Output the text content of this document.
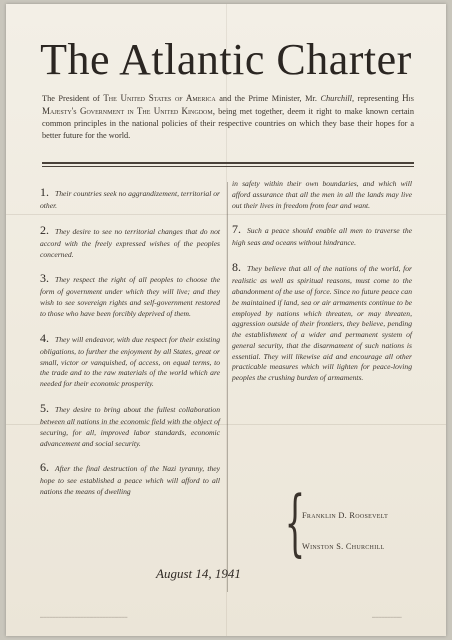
The Atlantic Charter

The President of The United States of America and the Prime Minister, Mr. Churchill, representing His Majesty's Government in The United Kingdom, being met together, deem it right to make known certain common principles in the national policies of their respective countries on which they base their hopes for a better future for the world.

1. Their countries seek no aggrandizement, territorial or other.

2. They desire to see no territorial changes that do not accord with the freely expressed wishes of the peoples concerned.

3. They respect the right of all peoples to choose the form of government under which they will live; and they wish to see sovereign rights and self-government restored to those who have been forcibly deprived of them.

4. They will endeavor, with due respect for their existing obligations, to further the enjoyment by all States, great or small, victor or vanquished, of access, on equal terms, to the trade and to the raw materials of the world which are needed for their economic prosperity.

5. They desire to bring about the fullest collaboration between all nations in the economic field with the object of securing, for all, improved labor standards, economic advancement and social security.

6. After the final destruction of the Nazi tyranny, they hope to see established a peace which will afford to all nations the means of dwelling

in safety within their own boundaries, and which will afford assurance that all the men in all the lands may live out their lives in freedom from fear and want.

7. Such a peace should enable all men to traverse the high seas and oceans without hindrance.

8. They believe that all of the nations of the world, for realistic as well as spiritual reasons, must come to the abandonment of the use of force. Since no future peace can be maintained if land, sea or air armaments continue to be employed by nations which threaten, or may threaten, aggression outside of their frontiers, they believe, pending the establishment of a wider and permanent system of general security, that the disarmament of such nations is essential. They will likewise aid and encourage all other practicable measures which will lighten for peace-loving peoples the crushing burden of armaments.

{
Franklin D. Roosevelt
Winston S. Churchill
August 14, 1941
━━━━━━━━━━━━━━━━━━━━━━━━━━━━━━━━━━━━━━━━━━━━━━━━━━━━━━━━	━━━━━━━━━━━━━━━━━━━
